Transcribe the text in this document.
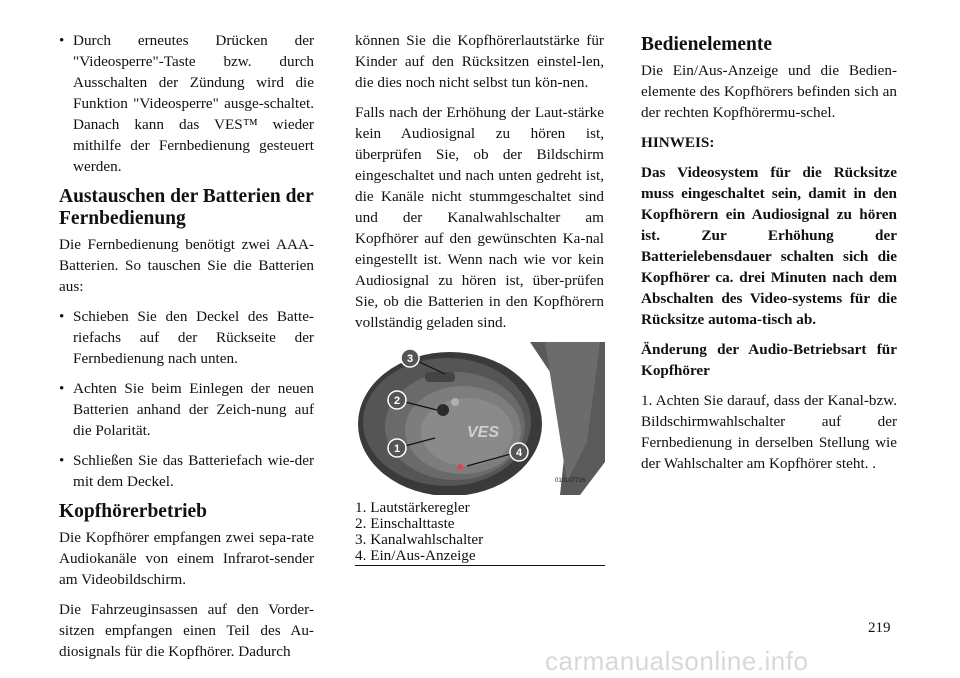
• Durch erneutes Drücken der "Videosperre"-Taste bzw. durch Ausschalten der Zündung wird die Funktion "Videosperre" ausge-schaltet. Danach kann das VES™ wieder mithilfe der Fernbedienung gesteuert werden.
Austauschen der Batterien der Fernbedienung

Die Fernbedienung benötigt zwei AAA-Batterien. So tauschen Sie die Batterien aus:

• Schieben Sie den Deckel des Batte-riefachs auf der Rückseite der Fernbedienung nach unten.
• Achten Sie beim Einlegen der neuen Batterien anhand der Zeich-nung auf die Polarität.
• Schließen Sie das Batteriefach wie-der mit dem Deckel.
Kopfhörerbetrieb

Die Kopfhörer empfangen zwei sepa-rate Audiokanäle von einem Infrarot-sender am Videobildschirm.

Die Fahrzeuginsassen auf den Vorder-sitzen empfangen einen Teil des Au-diosignals für die Kopfhörer. Dadurch

können Sie die Kopfhörerlautstärke für Kinder auf den Rücksitzen einstel-len, die dies noch nicht selbst tun kön-nen.

Falls nach der Erhöhung der Laut-stärke kein Audiosignal zu hören ist, überprüfen Sie, ob der Bildschirm eingeschaltet und nach unten gedreht ist, die Kanäle nicht stummgeschaltet sind und der Kanalwahlschalter am Kopfhörer auf den gewünschten Ka-nal eingestellt ist. Wenn nach wie vor kein Audiosignal zu hören ist, über-prüfen Sie, ob die Batterien in den Kopfhörern vollständig geladen sind.

3
2
1	4
VES
010107716
1. Lautstärkeregler
2. Einschalttaste
3. Kanalwahlschalter
4. Ein/Aus-Anzeige
Bedienelemente

Die Ein/Aus-Anzeige und die Bedien-elemente des Kopfhörers befinden sich an der rechten Kopfhörermu-schel.

HINWEIS:

Das Videosystem für die Rücksitze muss eingeschaltet sein, damit in den Kopfhörern ein Audiosignal zu hören ist. Zur Erhöhung der Batterielebensdauer schalten sich die Kopfhörer ca. drei Minuten nach dem Abschalten des Video-systems für die Rücksitze automa-tisch ab.

Änderung der Audio-Betriebsart für Kopfhörer

1. Achten Sie darauf, dass der Kanal-bzw. Bildschirmwahlschalter auf der Fernbedienung in derselben Stellung wie der Wahlschalter am Kopfhörer steht. .

219
carmanualsonline.info
